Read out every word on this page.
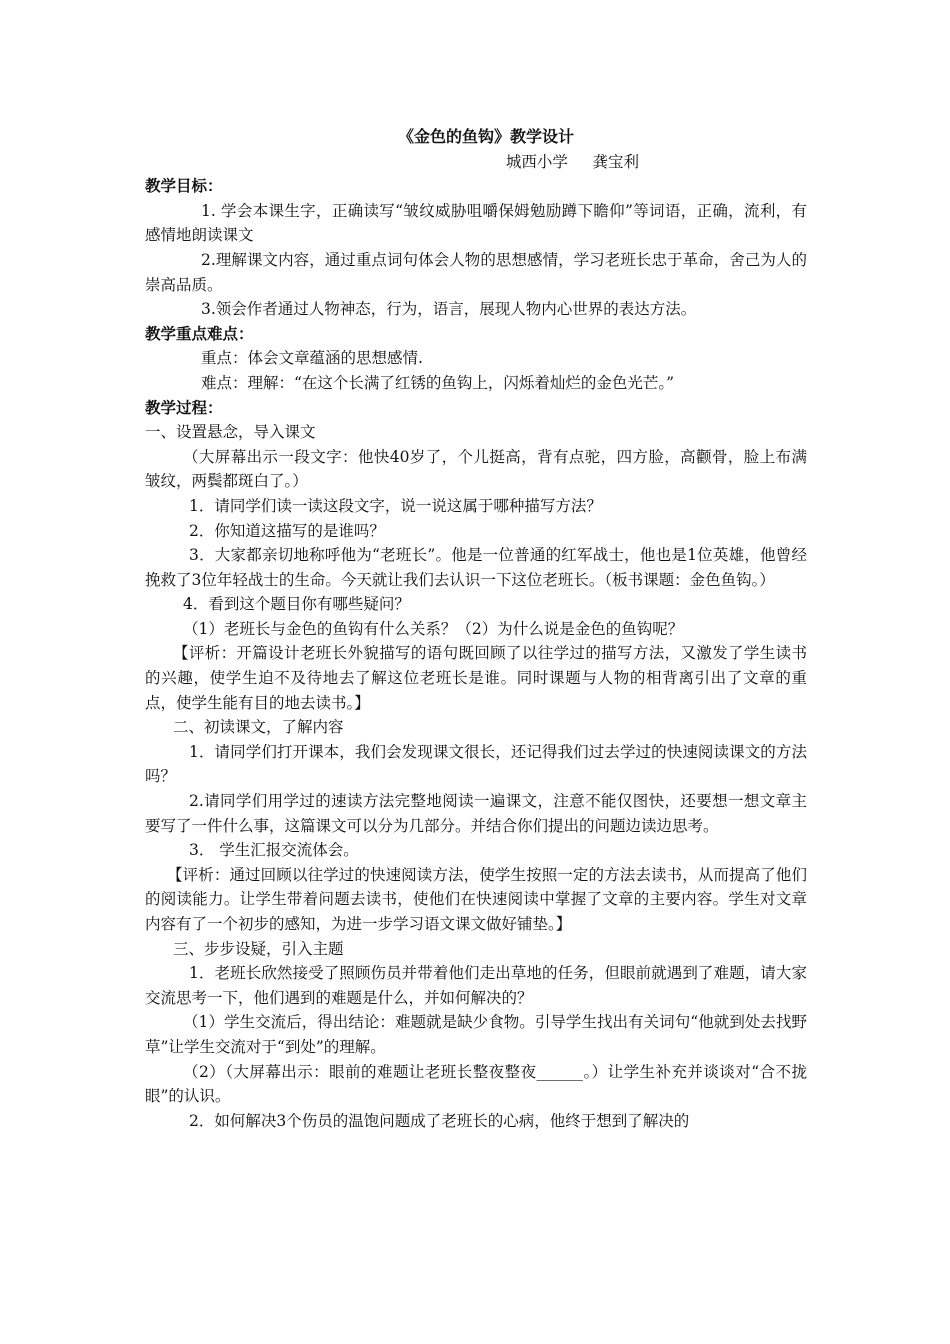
《金色的鱼钩》教学设计
城西小学     龚宝利
教学目标：
1. 学会本课生字，正确读写“皱纹威胁咀嚼保姆勉励蹲下瞻仰”等词语，正确，流利，有感情地朗读课文
2.理解课文内容，通过重点词句体会人物的思想感情，学习老班长忠于革命，舍己为人的崇高品质。
3.领会作者通过人物神态，行为，语言，展现人物内心世界的表达方法。
教学重点难点：
重点：体会文章蕴涵的思想感情.
难点：理解：“在这个长满了红锈的鱼钩上，闪烁着灿烂的金色光芒。”
教学过程：
一、设置悬念，导入课文
（大屏幕出示一段文字：他快40岁了，个儿挺高，背有点驼，四方脸，高颧骨，脸上布满皱纹，两鬓都斑白了。）
1．请同学们读一读这段文字，说一说这属于哪种描写方法？
2．你知道这描写的是谁吗？
3．大家都亲切地称呼他为“老班长”。他是一位普通的红军战士，他也是1位英雄，他曾经挽救了3位年轻战士的生命。今天就让我们去认识一下这位老班长。（板书课题：金色鱼钩。）
4．看到这个题目你有哪些疑问？
（1）老班长与金色的鱼钩有什么关系？（2）为什么说是金色的鱼钩呢？
【评析：开篇设计老班长外貌描写的语句既回顾了以往学过的描写方法，又激发了学生读书的兴趣，使学生迫不及待地去了解这位老班长是谁。同时课题与人物的相背离引出了文章的重点，使学生能有目的地去读书。】
二、初读课文，了解内容
1．请同学们打开课本，我们会发现课文很长，还记得我们过去学过的快速阅读课文的方法吗？
2.请同学们用学过的速读方法完整地阅读一遍课文，注意不能仅图快，还要想一想文章主要写了一件什么事，这篇课文可以分为几部分。并结合你们提出的问题边读边思考。
3． 学生汇报交流体会。
【评析：通过回顾以往学过的快速阅读方法，使学生按照一定的方法去读书，从而提高了他们的阅读能力。让学生带着问题去读书，使他们在快速阅读中掌握了文章的主要内容。学生对文章内容有了一个初步的感知，为进一步学习语文课文做好铺垫。】
三、步步设疑，引入主题
1．老班长欣然接受了照顾伤员并带着他们走出草地的任务，但眼前就遇到了难题，请大家交流思考一下，他们遇到的难题是什么，并如何解决的？
（1）学生交流后，得出结论：难题就是缺少食物。引导学生找出有关词句“他就到处去找野草”让学生交流对于“到处”的理解。
（2）（大屏幕出示：眼前的难题让老班长整夜整夜______。）让学生补充并谈谈对“合不拢眼”的认识。
2．如何解决3个伤员的温饱问题成了老班长的心病，他终于想到了解决的
